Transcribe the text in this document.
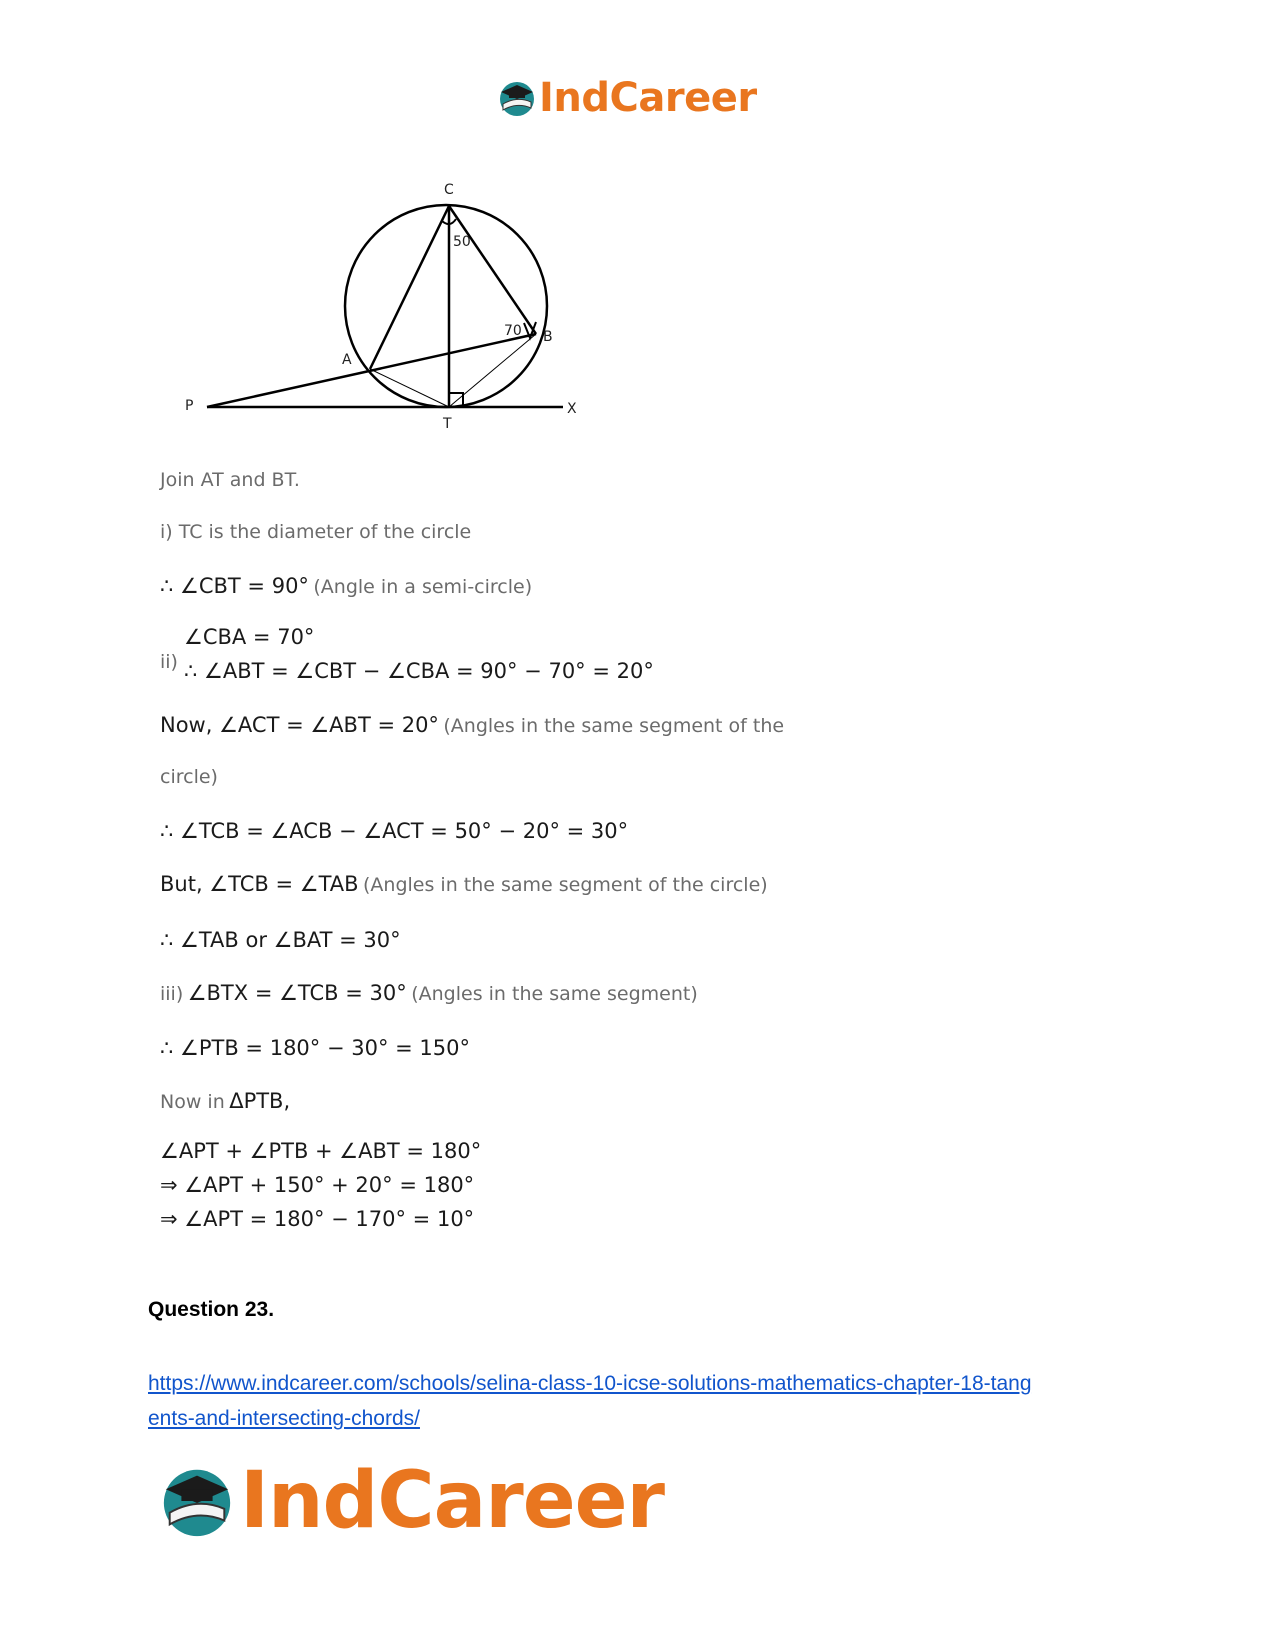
IndCareer
C
B
A
P
T
X
50
70
Join AT and BT.
i) TC is the diameter of the circle
∴ ∠CBT = 90° (Angle in a semi-circle)
ii)
∠CBA = 70°
∴ ∠ABT = ∠CBT − ∠CBA = 90° − 70° = 20°
Now, ∠ACT = ∠ABT = 20° (Angles in the same segment of the
circle)
∴ ∠TCB = ∠ACB − ∠ACT = 50° − 20° = 30°
But, ∠TCB = ∠TAB (Angles in the same segment of the circle)
∴ ∠TAB or ∠BAT = 30°
iii) ∠BTX = ∠TCB = 30° (Angles in the same segment)
∴ ∠PTB = 180° − 30° = 150°
Now in ΔPTB,
∠APT + ∠PTB + ∠ABT = 180°
⇒ ∠APT + 150° + 20° = 180°
⇒ ∠APT = 180° − 170° = 10°
Question 23.
https://www.indcareer.com/schools/selina-class-10-icse-solutions-mathematics-chapter-18-tang
ents-and-intersecting-chords/
IndCareer
